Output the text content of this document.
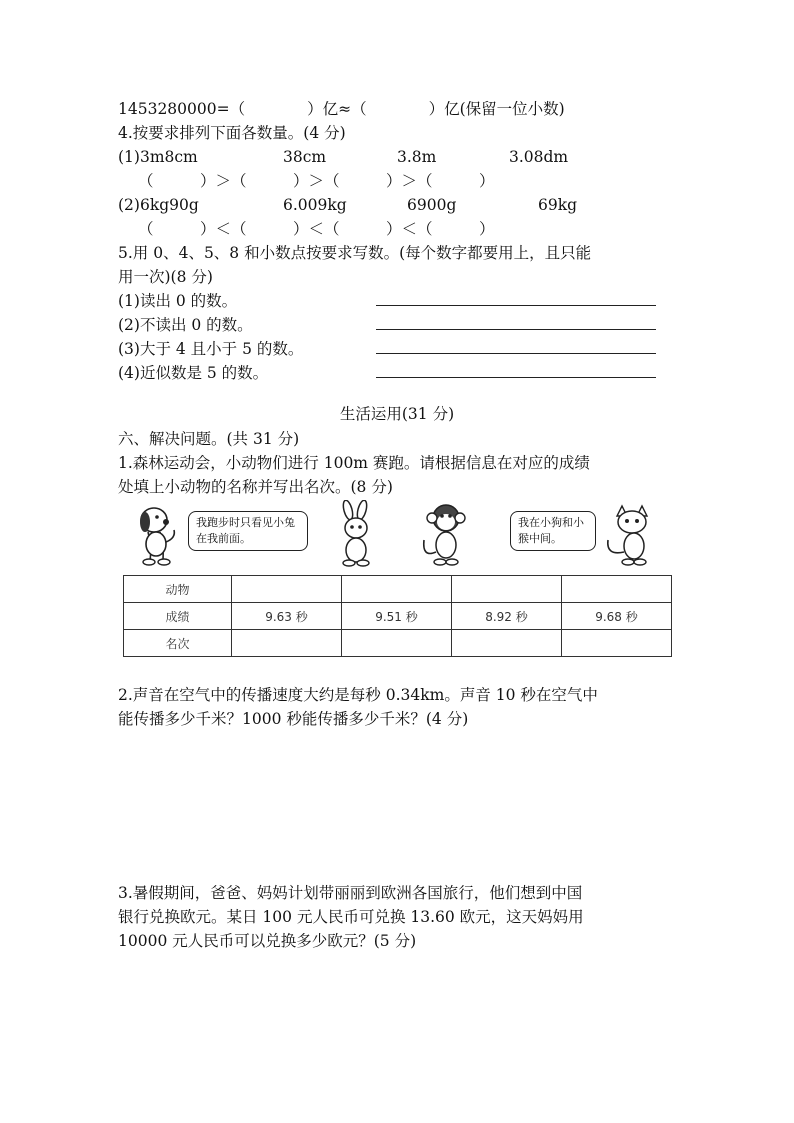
1453280000=（　　　　）亿≈（　　　　）亿(保留一位小数)
4.按要求排列下面各数量。(4 分)
(1)3m8cm	38cm	3.8m	3.08dm
（　　　）＞（　　　）＞（　　　）＞（　　　）
(2)6kg90g	6.009kg	6900g	69kg
（　　　）＜（　　　）＜（　　　）＜（　　　）
5.用 0、4、5、8 和小数点按要求写数。(每个数字都要用上，且只能
用一次)(8 分)
(1)读出 0 的数。
(2)不读出 0 的数。
(3)大于 4 且小于 5 的数。
(4)近似数是 5 的数。
生活运用(31 分)
六、解决问题。(共 31 分)
1.森林运动会，小动物们进行 100m 赛跑。请根据信息在对应的成绩
处填上小动物的名称并写出名次。(8 分)
我跑步时只看见小兔在我前面。
我在小狗和小猴中间。
动物				
成绩	9.63 秒	9.51 秒	8.92 秒	9.68 秒
名次				
2.声音在空气中的传播速度大约是每秒 0.34km。声音 10 秒在空气中
能传播多少千米？1000 秒能传播多少千米？(4 分)
3.暑假期间，爸爸、妈妈计划带丽丽到欧洲各国旅行，他们想到中国
银行兑换欧元。某日 100 元人民币可兑换 13.60 欧元，这天妈妈用
10000 元人民币可以兑换多少欧元？(5 分)
